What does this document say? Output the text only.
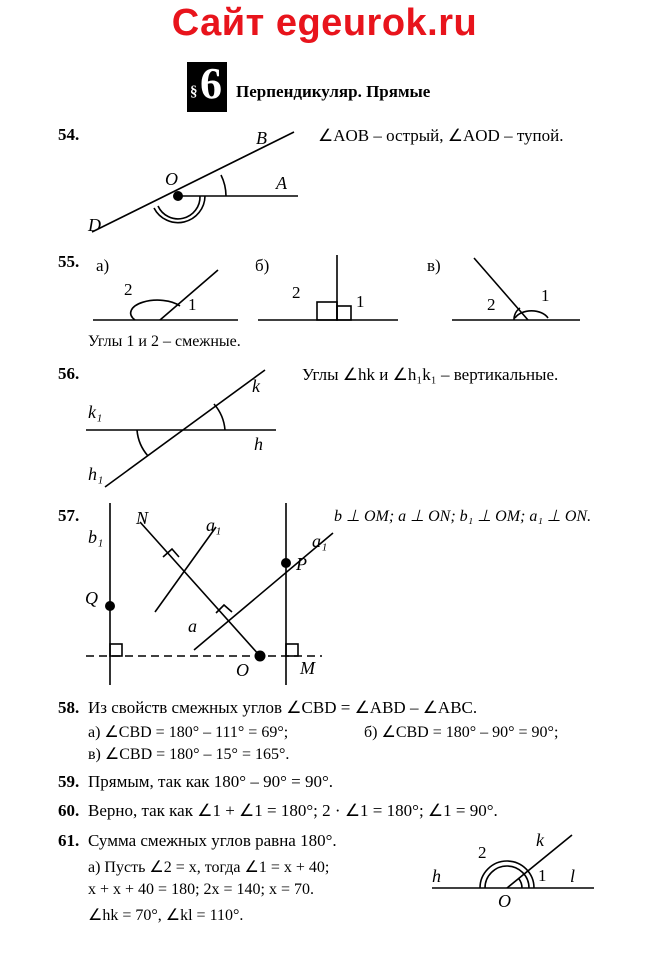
Сайт egeurok.ru
§ 6 Перпендикуляр. Прямые
54.	B
O	A
D
∠AOB – острый, ∠AOD – тупой.
55. а)	б)	в)
2
1
2	1	2	1
Углы 1 и 2 – смежные.
56.	Углы ∠hk и ∠h₁k₁ – вертикальные.
k
k₁
h
h₁
57.	b ⊥ OM; a ⊥ ON; b₁ ⊥ OM; a₁ ⊥ ON.
N	a₁
a₁
b₁
P
Q
a
O	M
58. Из свойств смежных углов ∠CBD = ∠ABD – ∠ABC.
а) ∠CBD = 180° – 111° = 69°;	б) ∠CBD = 180° – 90° = 90°;
в) ∠CBD = 180° – 15° = 165°.
59. Прямым, так как 180° – 90° = 90°.
60. Верно, так как ∠1 + ∠1 = 180°; 2 · ∠1 = 180°; ∠1 = 90°.
61. Сумма смежных углов равна 180°.
а) Пусть ∠2 = x, тогда ∠1 = x + 40;
x + x + 40 = 180; 2x = 140; x = 70.
∠hk = 70°, ∠kl = 110°.
2
k
h	1 l
O
